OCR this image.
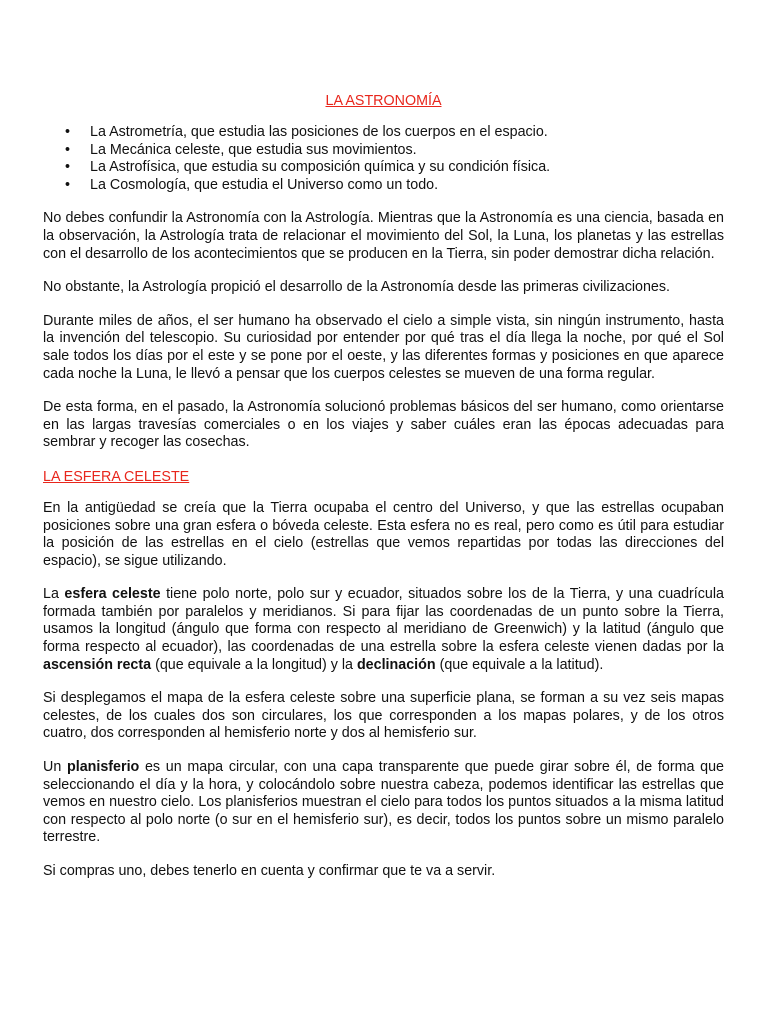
LA ASTRONOMÍA
• La Astrometría, que estudia las posiciones de los cuerpos en el espacio.
• La Mecánica celeste, que estudia sus movimientos.
• La Astrofísica, que estudia su composición química y su condición física.
• La Cosmología, que estudia el Universo como un todo.

No debes confundir la Astronomía con la Astrología. Mientras que la Astronomía es una ciencia, basada en la observación, la Astrología trata de relacionar el movimiento del Sol, la Luna, los planetas y las estrellas con el desarrollo de los acontecimientos que se producen en la Tierra, sin poder demostrar dicha relación.

No obstante, la Astrología propició el desarrollo de la Astronomía desde las primeras civilizaciones.

Durante miles de años, el ser humano ha observado el cielo a simple vista, sin ningún instrumento, hasta la invención del telescopio. Su curiosidad por entender por qué tras el día llega la noche, por qué el Sol sale todos los días por el este y se pone por el oeste, y las diferentes formas y posiciones en que aparece cada noche la Luna, le llevó a pensar que los cuerpos celestes se mueven de una forma regular.

De esta forma, en el pasado, la Astronomía solucionó problemas básicos del ser humano, como orientarse en las largas travesías comerciales o en los viajes y saber cuáles eran las épocas adecuadas para sembrar y recoger las cosechas.

LA ESFERA CELESTE

En la antigüedad se creía que la Tierra ocupaba el centro del Universo, y que las estrellas ocupaban posiciones sobre una gran esfera o bóveda celeste. Esta esfera no es real, pero como es útil para estudiar la posición de las estrellas en el cielo (estrellas que vemos repartidas por todas las direcciones del espacio), se sigue utilizando.

La esfera celeste tiene polo norte, polo sur y ecuador, situados sobre los de la Tierra, y una cuadrícula formada también por paralelos y meridianos. Si para fijar las coordenadas de un punto sobre la Tierra, usamos la longitud (ángulo que forma con respecto al meridiano de Greenwich) y la latitud (ángulo que forma respecto al ecuador), las coordenadas de una estrella sobre la esfera celeste vienen dadas por la ascensión recta (que equivale a la longitud) y la declinación (que equivale a la latitud).

Si desplegamos el mapa de la esfera celeste sobre una superficie plana, se forman a su vez seis mapas celestes, de los cuales dos son circulares, los que corresponden a los mapas polares, y de los otros cuatro, dos corresponden al hemisferio norte y dos al hemisferio sur.

Un planisferio es un mapa circular, con una capa transparente que puede girar sobre él, de forma que seleccionando el día y la hora, y colocándolo sobre nuestra cabeza, podemos identificar las estrellas que vemos en nuestro cielo. Los planisferios muestran el cielo para todos los puntos situados a la misma latitud con respecto al polo norte (o sur en el hemisferio sur), es decir, todos los puntos sobre un mismo paralelo terrestre.

Si compras uno, debes tenerlo en cuenta y confirmar que te va a servir.
